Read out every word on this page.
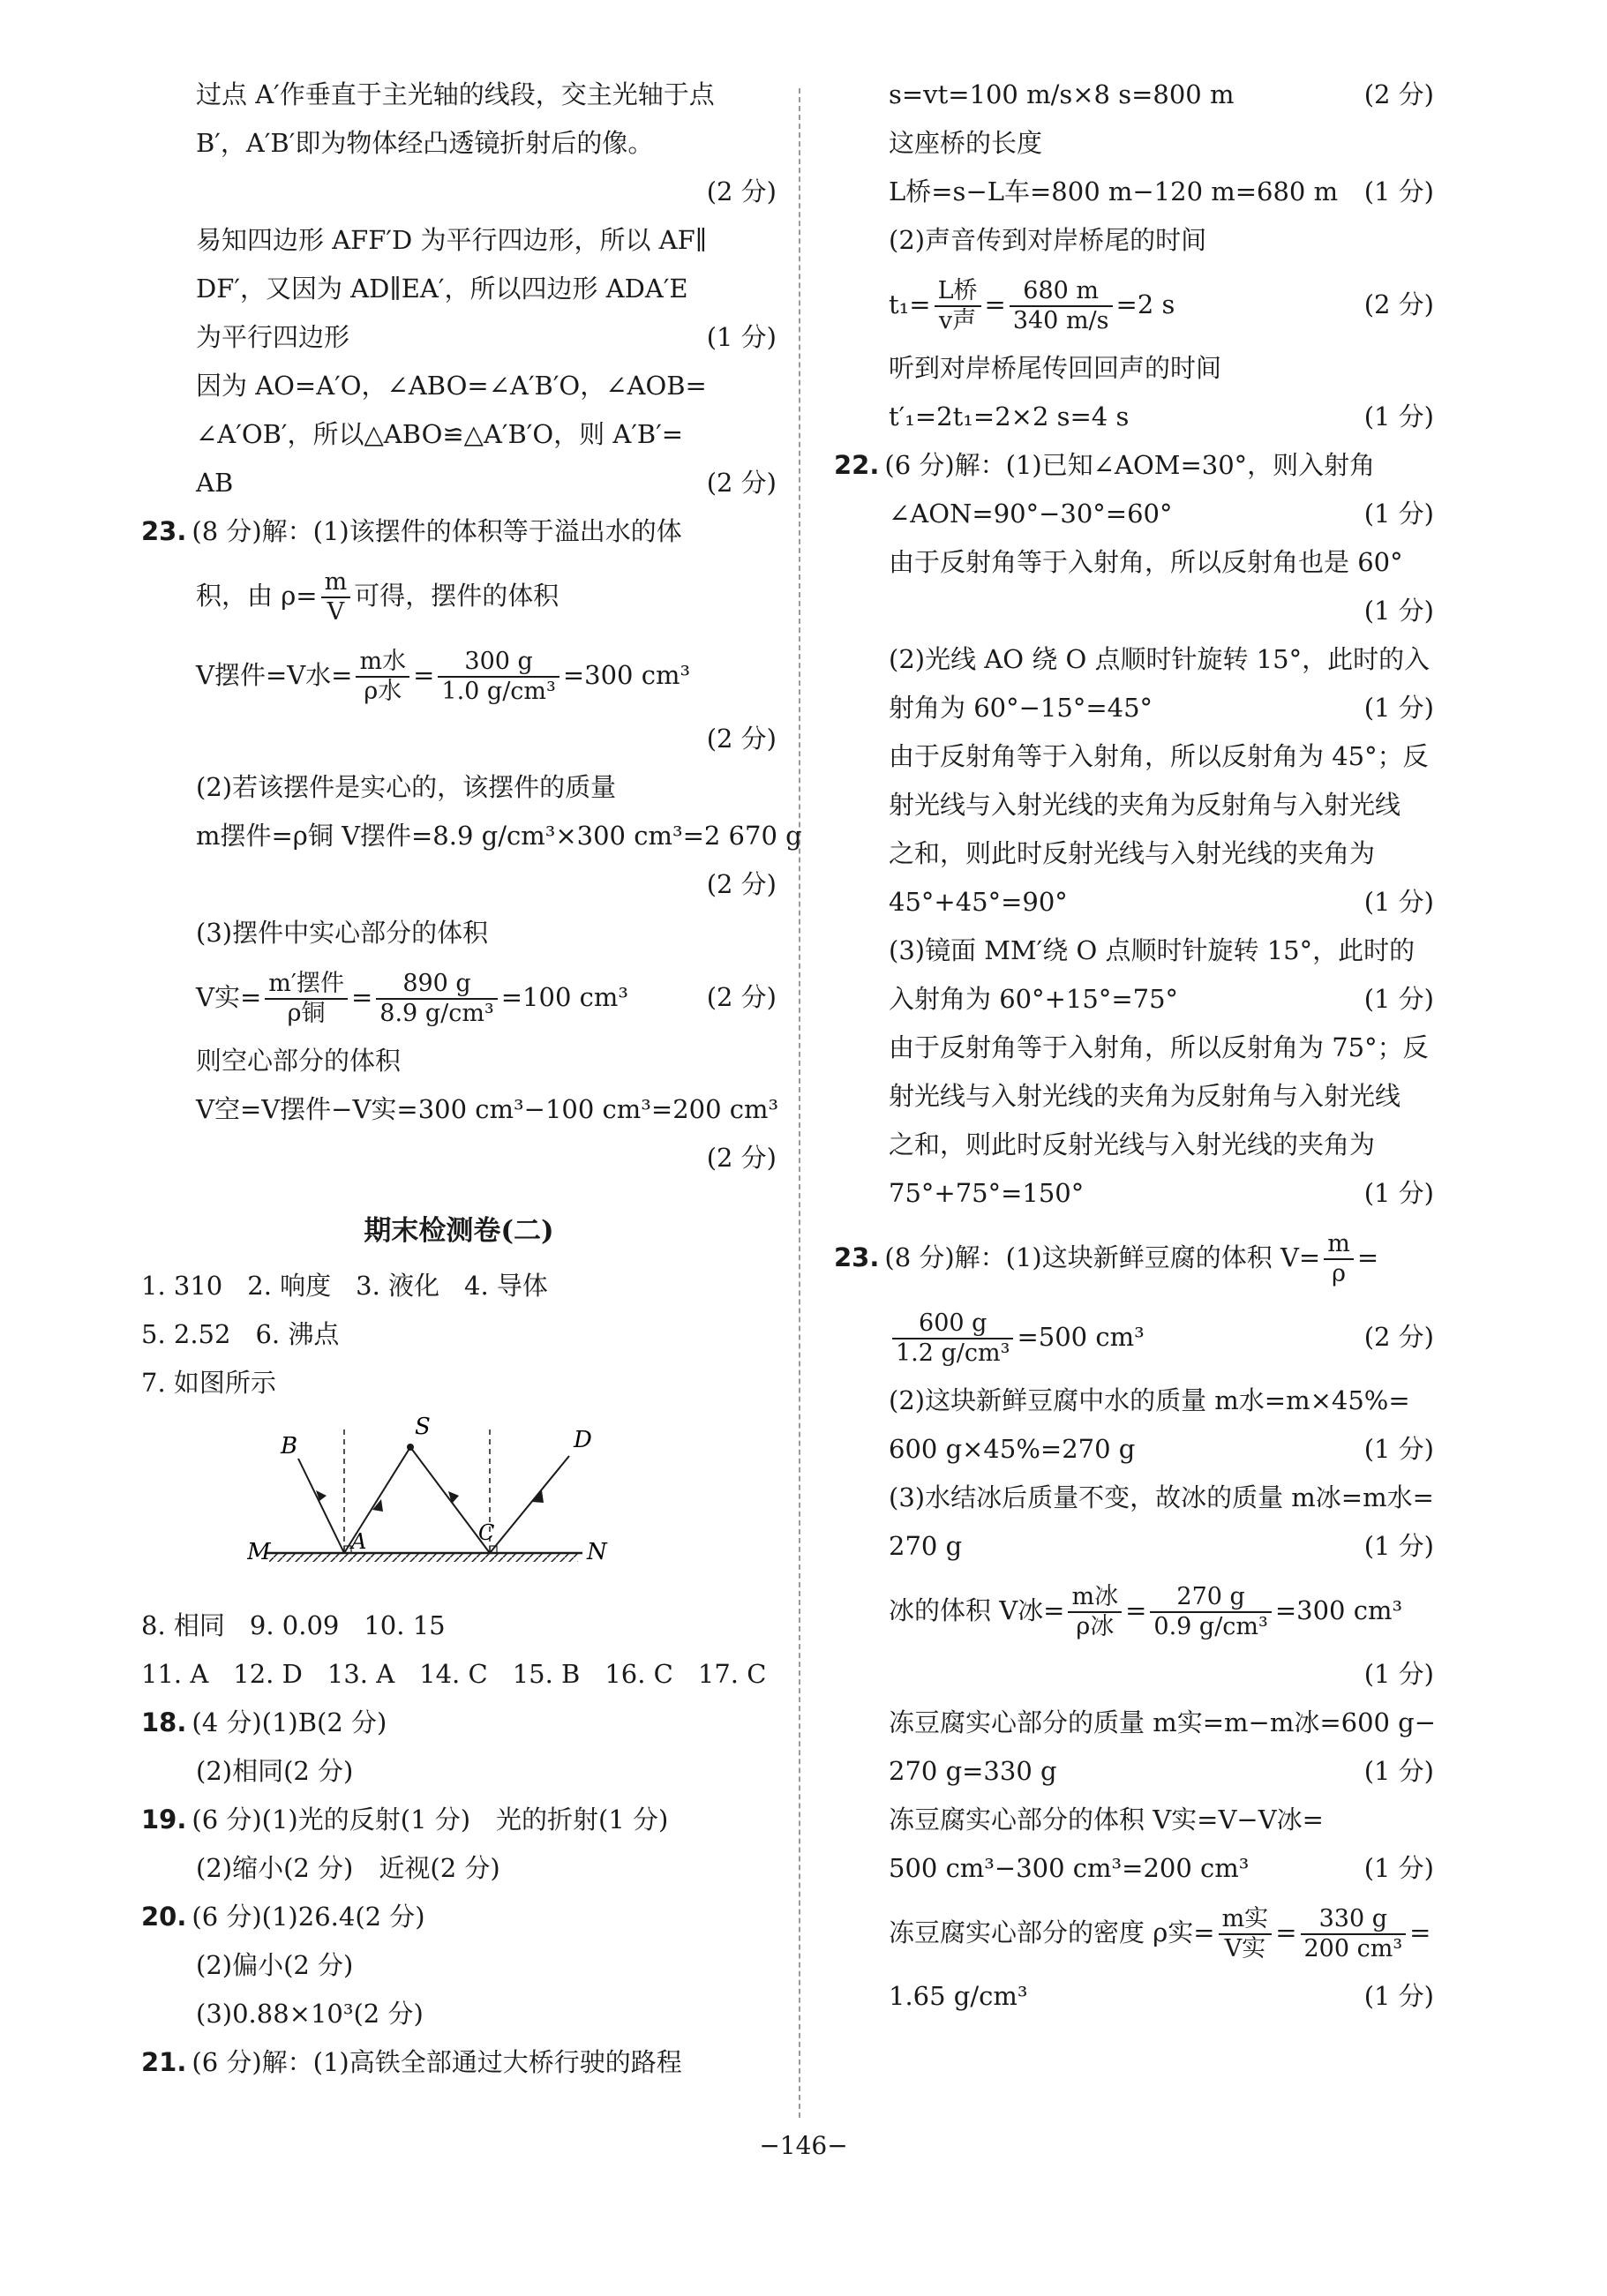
过点 A′作垂直于主光轴的线段，交主光轴于点
B′，A′B′即为物体经凸透镜折射后的像。
(2 分)
易知四边形 AFF′D 为平行四边形，所以 AF∥
DF′，又因为 AD∥EA′，所以四边形 ADA′E
为平行四边形	(1 分)
因为 AO=A′O，∠ABO=∠A′B′O，∠AOB=
∠A′OB′，所以△ABO≌△A′B′O，则 A′B′=
AB	(2 分)
23. (8 分)解：(1)该摆件的体积等于溢出水的体
积，由 $\rho= \frac{m}{V}$ 可得，摆件的体积
V摆件=V水= $\frac{\text{m水}}{\text{ρ水}} = \frac{300 g}{\text{1.0 g/cm³}} =300$ cm³
(2 分)
(2)若该摆件是实心的，该摆件的质量
m摆件=ρ铜 V摆件=8.9 g/cm³×300 cm³=2 670 g
(2 分)
(3)摆件中实心部分的体积
V实= $\frac{\text{m′摆件}}{\text{ρ铜}} = \frac{890 g}{\text{8.9 g/cm³}} =100$ cm³	(2 分)
则空心部分的体积
V空=V摆件−V实=300 cm³−100 cm³=200 cm³
(2 分)
期末检测卷(二)
1. 310 2. 响度 3. 液化 4. 导体
5. 2.52 6. 沸点
7. 如图所示
B
S	D
M	A	C
N
8. 相同 9. 0.09 10. 15
11. A 12. D 13. A 14. C 15. B 16. C 17. C
18. (4 分)(1)B(2 分)
(2)相同(2 分)
19. (6 分)(1)光的反射(1 分)　光的折射(1 分)
(2)缩小(2 分)　近视(2 分)
20. (6 分)(1)26.4(2 分)
(2)偏小(2 分)
(3)0.88×10³(2 分)
21. (6 分)解：(1)高铁全部通过大桥行驶的路程
s=vt=100 m/s×8 s=800 m	(2 分)
这座桥的长度
L桥=s−L车=800 m−120 m=680 m (1 分)
(2)声音传到对岸桥尾的时间
$t_1= \frac{\text{L桥}}{\text{v声}} = \frac{680 m}{340 m/s} =2$ s	(2 分)
听到对岸桥尾传回回声的时间
t′₁=2t₁=2×2 s=4 s	(1 分)
22. (6 分)解：(1)已知∠AOM=30°，则入射角
∠AON=90°−30°=60°	(1 分)
由于反射角等于入射角，所以反射角也是 60°
(1 分)
(2)光线 AO 绕 O 点顺时针旋转 15°，此时的入
射角为 60°−15°=45°	(1 分)
由于反射角等于入射角，所以反射角为 45°；反
射光线与入射光线的夹角为反射角与入射光线
之和，则此时反射光线与入射光线的夹角为
45°+45°=90°	(1 分)
(3)镜面 MM′绕 O 点顺时针旋转 15°，此时的
入射角为 60°+15°=75°	(1 分)
由于反射角等于入射角，所以反射角为 75°；反
射光线与入射光线的夹角为反射角与入射光线
之和，则此时反射光线与入射光线的夹角为
75°+75°=150°	(1 分)
23. (8 分)解：(1)这块新鲜豆腐的体积 $V= \frac{m}{\rho}$ =
$\frac{600 g}{\text{1.2 g/cm³}} =500$ cm³	(2 分)
(2)这块新鲜豆腐中水的质量 m水=m×45%=
600 g×45%=270 g	(1 分)
(3)水结冰后质量不变，故冰的质量 m冰=m水=
270 g	(1 分)
冰的体积 V冰= $\frac{\text{m冰}}{\text{ρ冰}} = \frac{270 g}{\text{0.9 g/cm³}} =300$ cm³
(1 分)
冻豆腐实心部分的质量 m实=m−m冰=600 g−
270 g=330 g	(1 分)
冻豆腐实心部分的体积 V实=V−V冰=
500 cm³−300 cm³=200 cm³	(1 分)
冻豆腐实心部分的密度 ρ实= $\frac{\text{m实}}{\text{V实}} = \frac{330 g}{\text{200 cm³}}$ =
1.65 g/cm³	(1 分)
−146−
